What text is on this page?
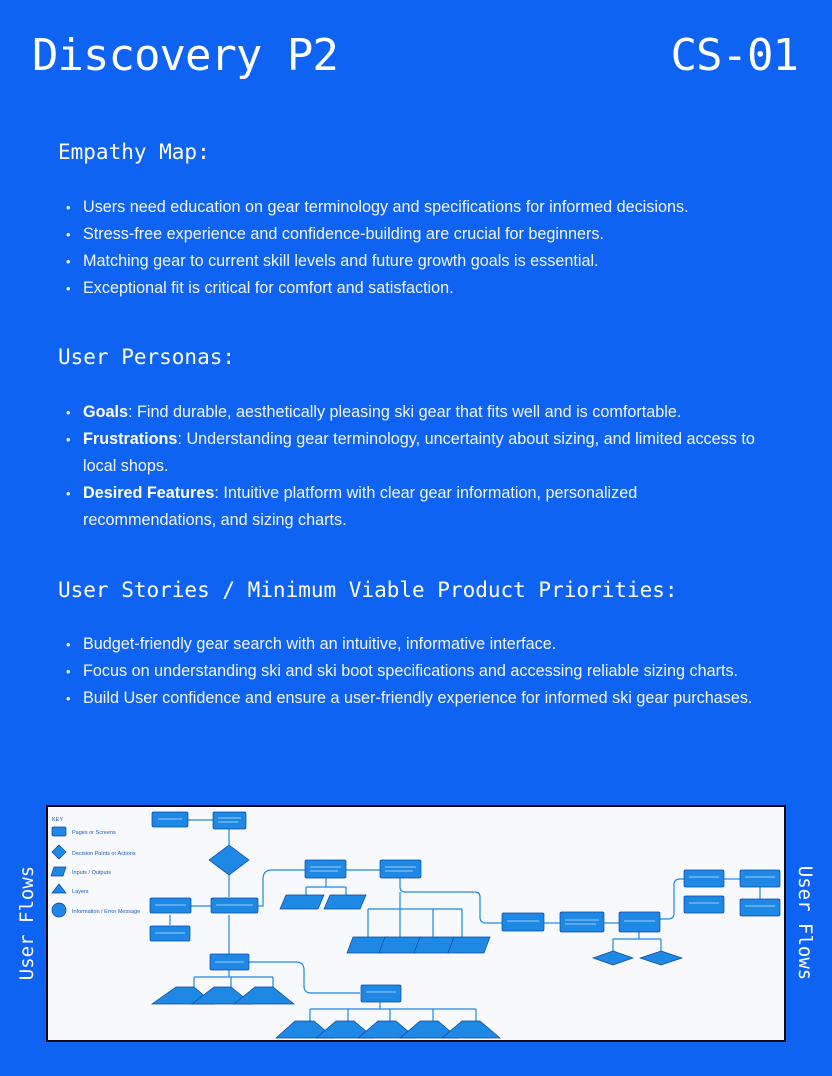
Discovery P2	CS-01
Empathy Map:
• Users need education on gear terminology and specifications for informed decisions.
• Stress-free experience and confidence-building are crucial for beginners.
• Matching gear to current skill levels and future growth goals is essential.
• Exceptional fit is critical for comfort and satisfaction.
User Personas:
• Goals: Find durable, aesthetically pleasing ski gear that fits well and is comfortable.
• Frustrations: Understanding gear terminology, uncertainty about sizing, and limited access to local shops.
• Desired Features: Intuitive platform with clear gear information, personalized recommendations, and sizing charts.
User Stories / Minimum Viable Product Priorities:
• Budget-friendly gear search with an intuitive, informative interface.
• Focus on understanding ski and ski boot specifications and accessing reliable sizing charts.
• Build User confidence and ensure a user-friendly experience for informed ski gear purchases.
User Flows	User Flows
KEY
Pages or Screens
Decision Points or Actions
Inputs / Outputs
Layers
Information / Error Message
